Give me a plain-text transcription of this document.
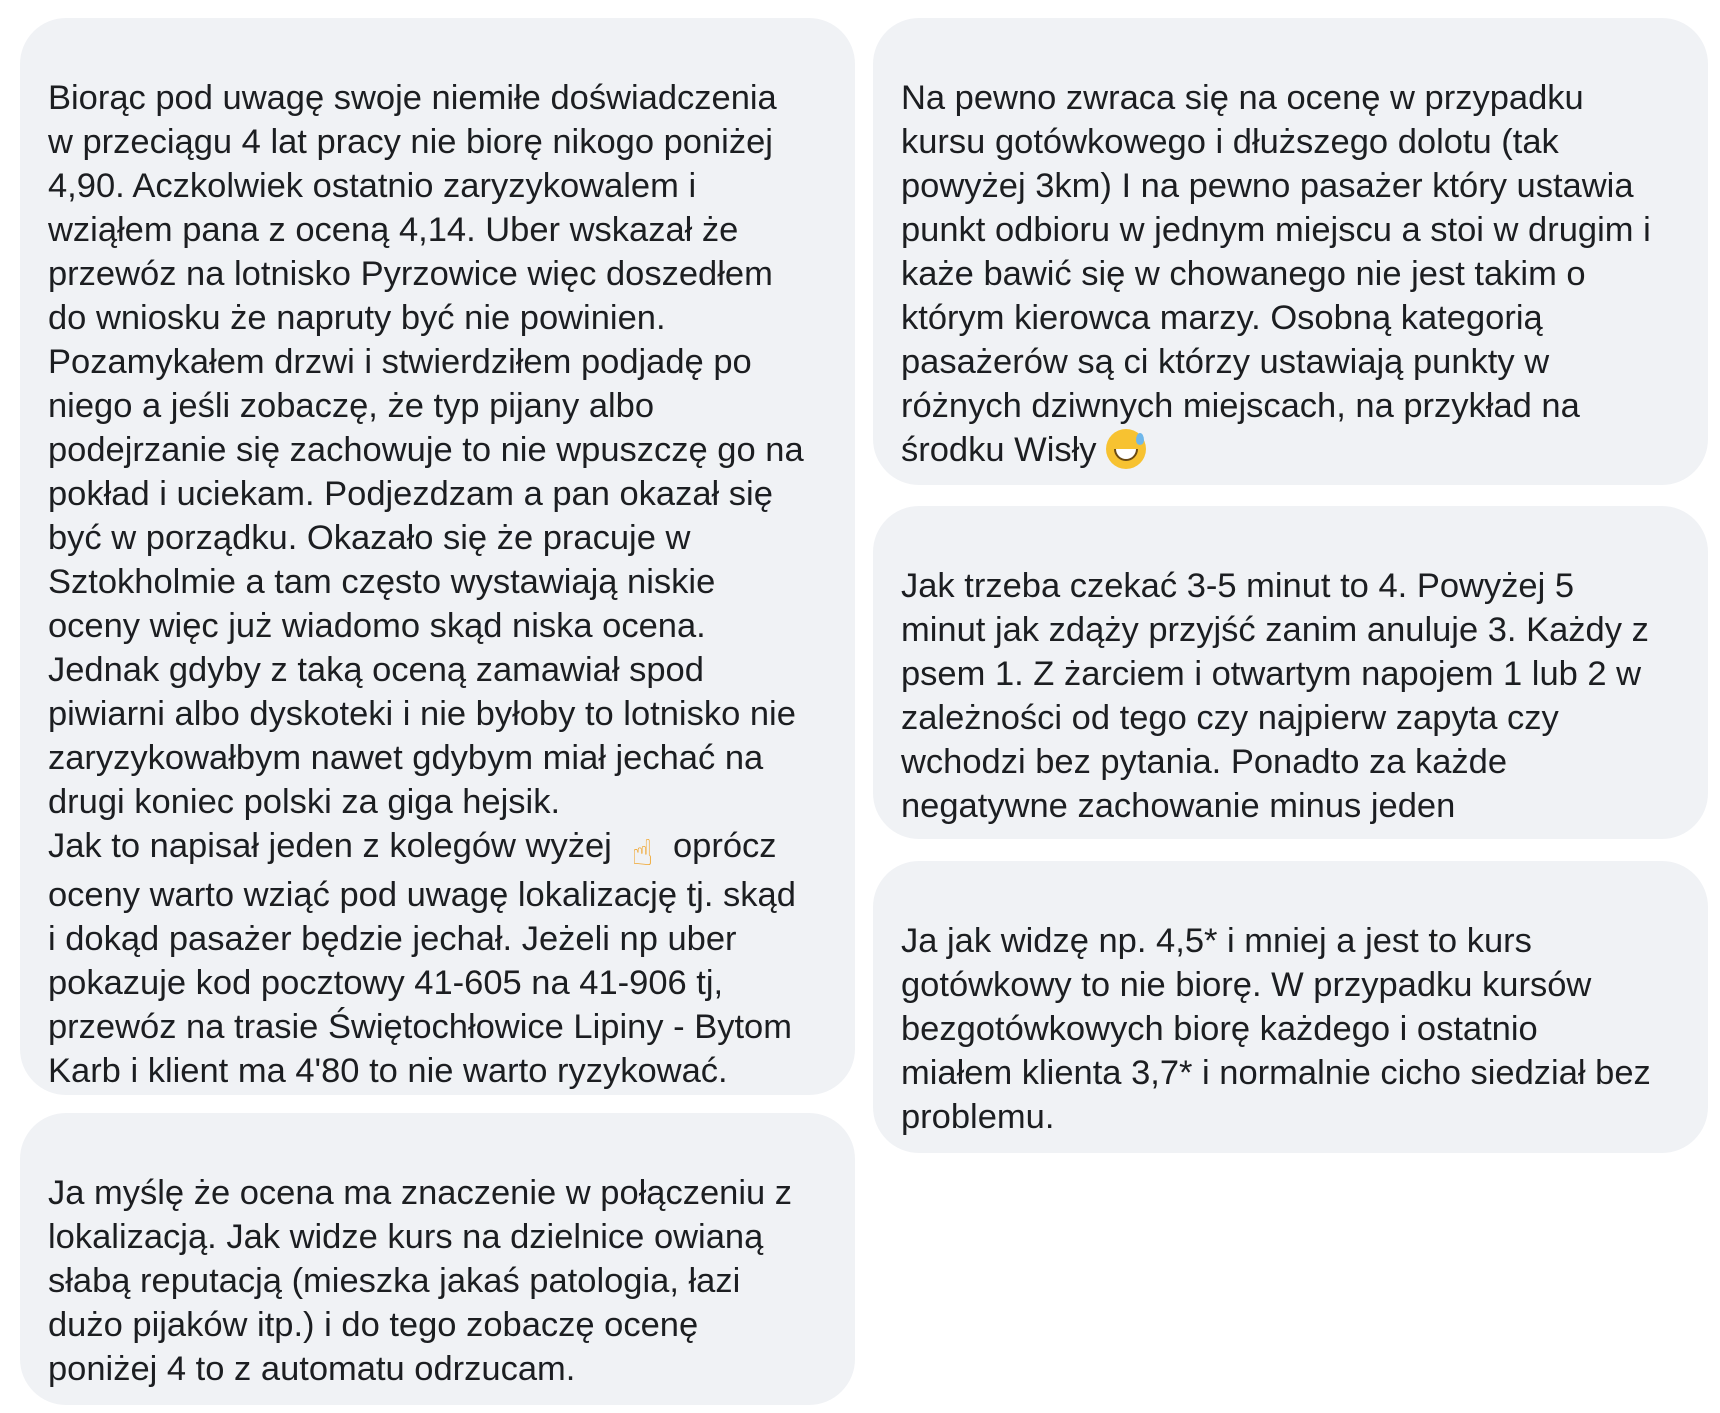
Biorąc pod uwagę swoje niemiłe doświadczenia
w przeciągu 4 lat pracy nie biorę nikogo poniżej
4,90. Aczkolwiek ostatnio zaryzykowalem i
wziąłem pana z oceną 4,14. Uber wskazał że
przewóz na lotnisko Pyrzowice więc doszedłem
do wniosku że napruty być nie powinien.
Pozamykałem drzwi i stwierdziłem podjadę po
niego a jeśli zobaczę, że typ pijany albo
podejrzanie się zachowuje to nie wpuszczę go na
pokład i uciekam. Podjezdzam a pan okazał się
być w porządku. Okazało się że pracuje w
Sztokholmie a tam często wystawiają niskie
oceny więc już wiadomo skąd niska ocena.
Jednak gdyby z taką oceną zamawiał spod
piwiarni albo dyskoteki i nie byłoby to lotnisko nie
zaryzykowałbym nawet gdybym miał jechać na
drugi koniec polski za giga hejsik.
Jak to napisał jeden z kolegów wyżej ☝ oprócz
oceny warto wziąć pod uwagę lokalizację tj. skąd
i dokąd pasażer będzie jechał. Jeżeli np uber
pokazuje kod pocztowy 41-605 na 41-906 tj,
przewóz na trasie Świętochłowice Lipiny - Bytom
Karb i klient ma 4'80 to nie warto ryzykować.
Ja myślę że ocena ma znaczenie w połączeniu z
lokalizacją. Jak widze kurs na dzielnice owianą
słabą reputacją (mieszka jakaś patologia, łazi
dużo pijaków itp.) i do tego zobaczę ocenę
poniżej 4 to z automatu odrzucam.
Na pewno zwraca się na ocenę w przypadku
kursu gotówkowego i dłuższego dolotu (tak
powyżej 3km) I na pewno pasażer który ustawia
punkt odbioru w jednym miejscu a stoi w drugim i
każe bawić się w chowanego nie jest takim o
którym kierowca marzy. Osobną kategorią
pasażerów są ci którzy ustawiają punkty w
różnych dziwnych miejscach, na przykład na
środku Wisły
Jak trzeba czekać 3-5 minut to 4. Powyżej 5
minut jak zdąży przyjść zanim anuluje 3. Każdy z
psem 1. Z żarciem i otwartym napojem 1 lub 2 w
zależności od tego czy najpierw zapyta czy
wchodzi bez pytania. Ponadto za każde
negatywne zachowanie minus jeden
Ja jak widzę np. 4,5* i mniej a jest to kurs
gotówkowy to nie biorę. W przypadku kursów
bezgotówkowych biorę każdego i ostatnio
miałem klienta 3,7* i normalnie cicho siedział bez
problemu.
